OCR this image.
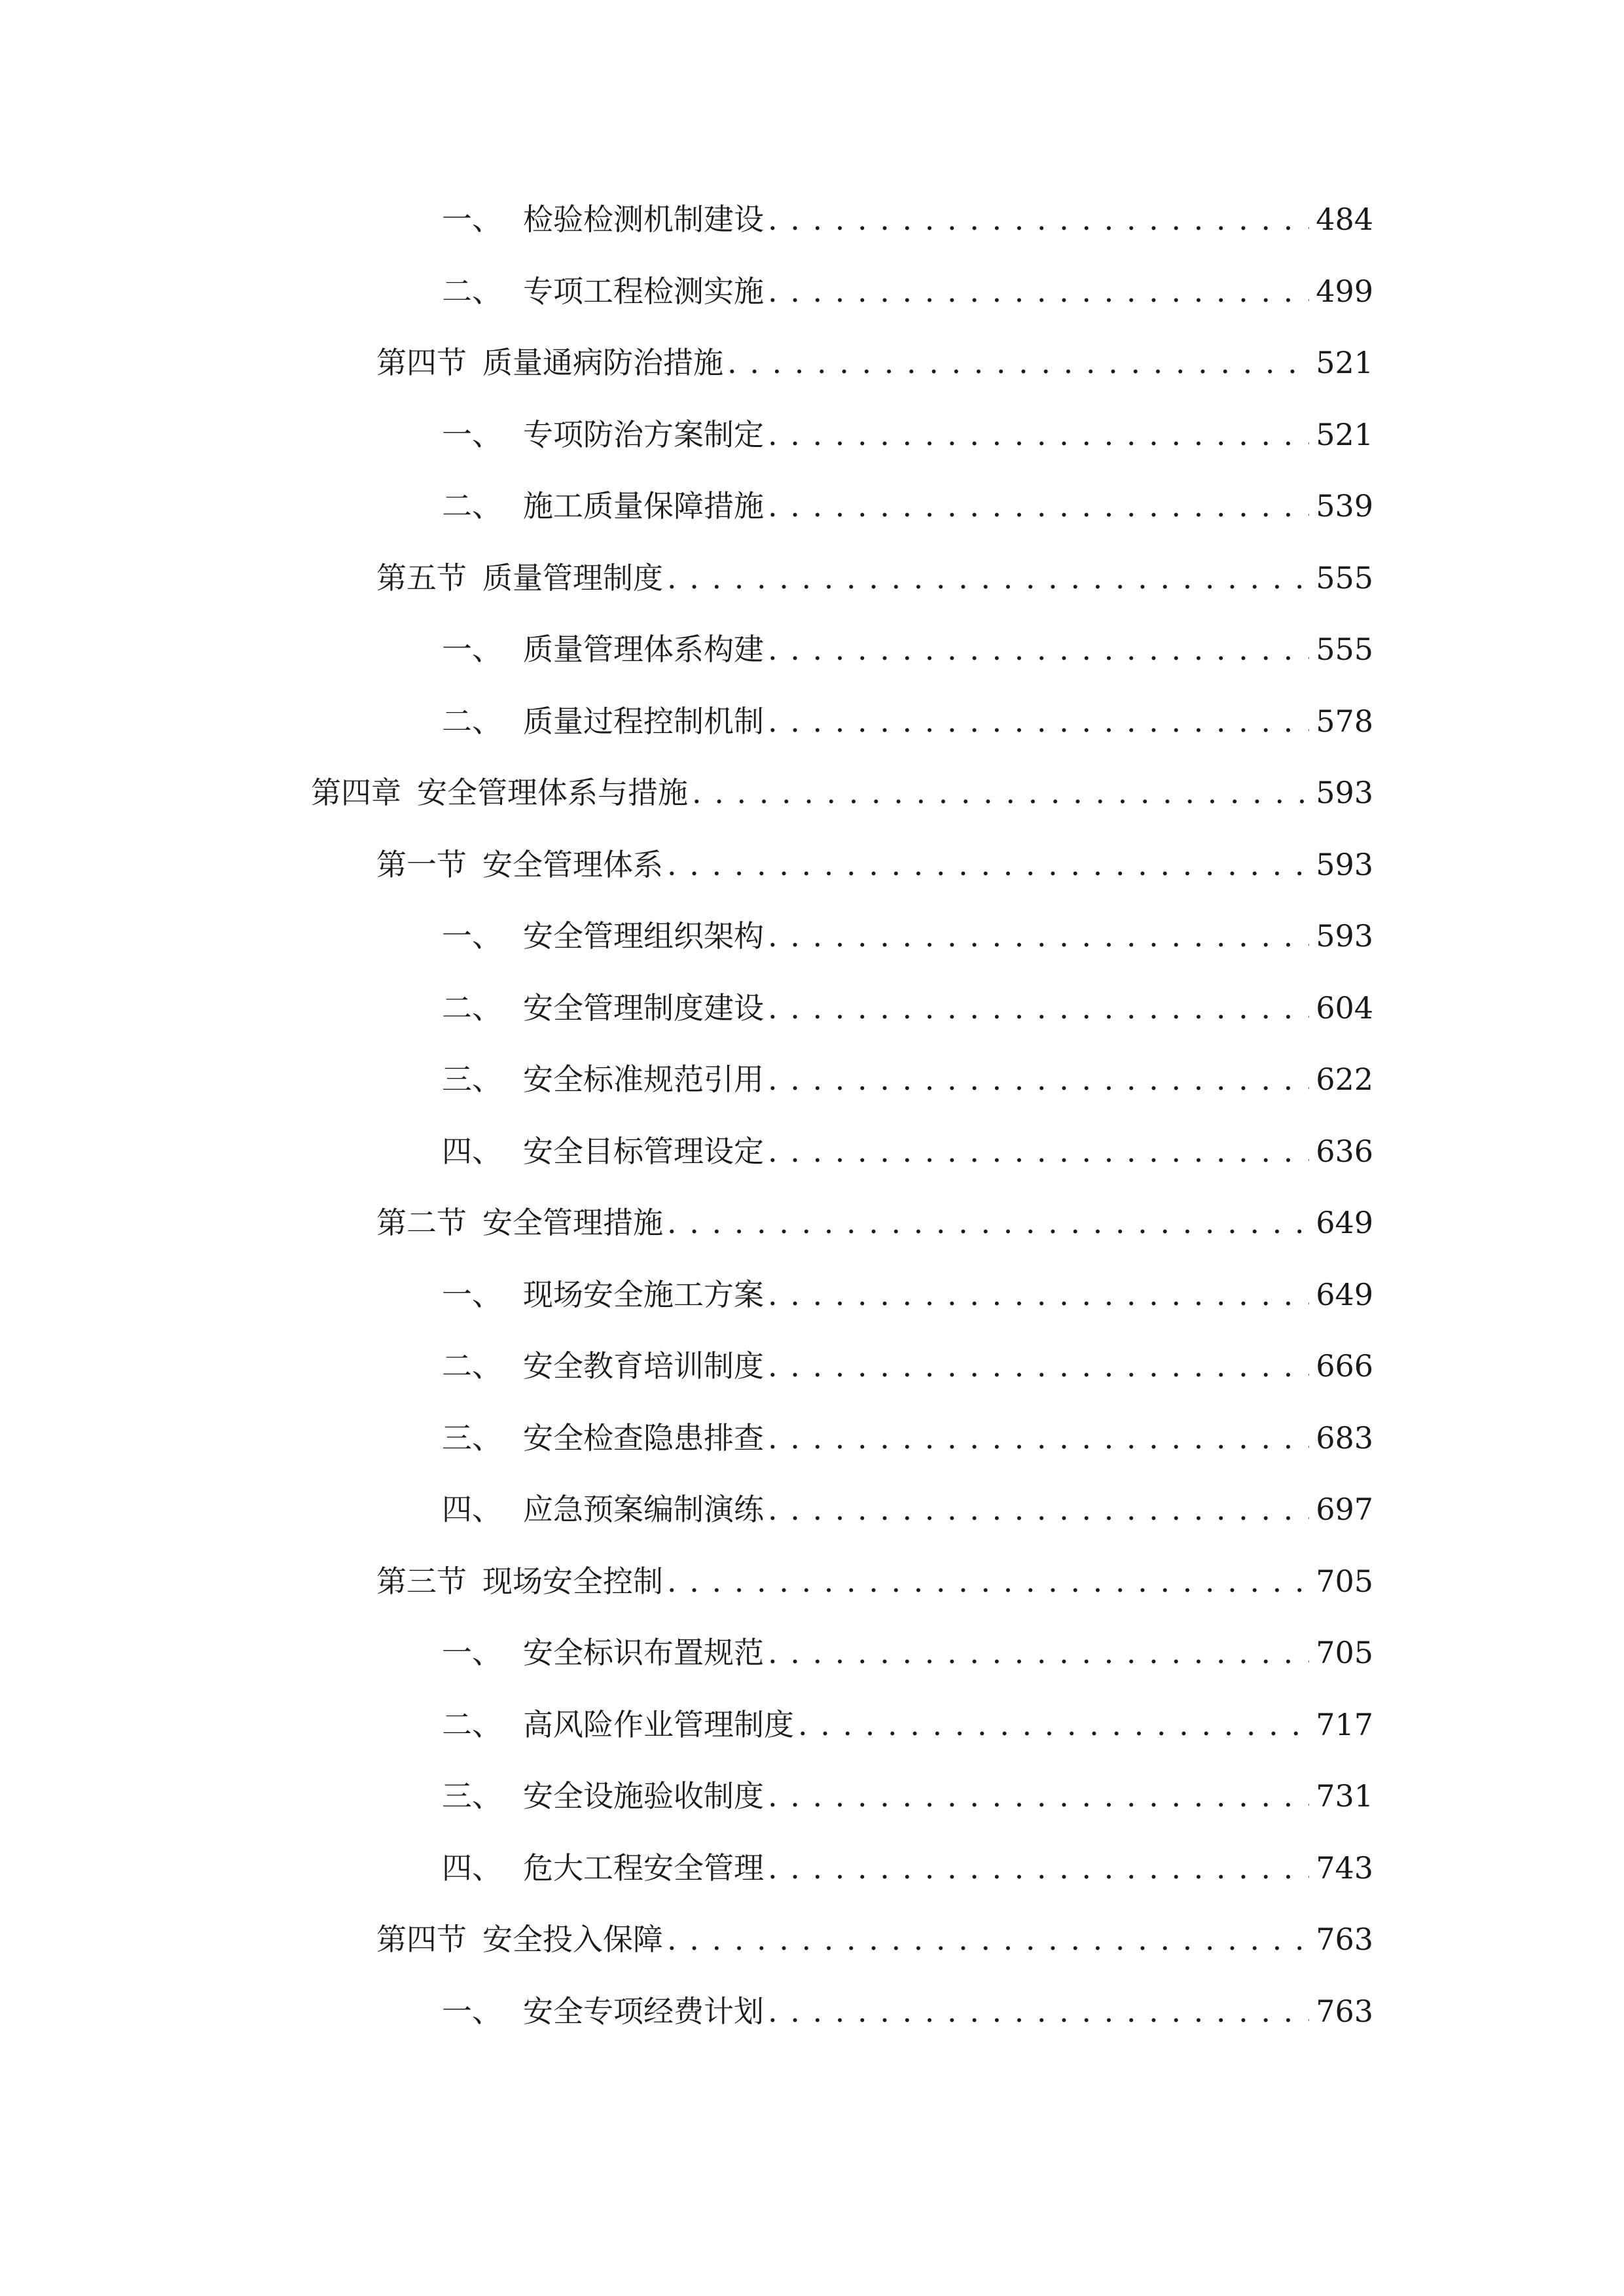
一、 检验检测机制建设 . . .	484
二、 专项工程检测实施 . . .	499
第四节 质量通病防治措施 . . .	521
一、 专项防治方案制定 . . .	521
二、 施工质量保障措施 . . .	539
第五节 质量管理制度 . . .	555
一、 质量管理体系构建 . . .	555
二、 质量过程控制机制 . . .	578
第四章 安全管理体系与措施 . . .	593
第一节 安全管理体系 . . .	593
一、 安全管理组织架构 . . .	593
二、 安全管理制度建设 . . .	604
三、 安全标准规范引用 . . .	622
四、 安全目标管理设定 . . .	636
第二节 安全管理措施 . . .	649
一、 现场安全施工方案 . . .	649
二、 安全教育培训制度 . . .	666
三、 安全检查隐患排查 . . .	683
四、 应急预案编制演练 . . .	697
第三节 现场安全控制 . . .	705
一、 安全标识布置规范 . . .	705
二、 高风险作业管理制度 . . .	717
三、 安全设施验收制度 . . .	731
四、 危大工程安全管理 . . .	743
第四节 安全投入保障 . . .	763
一、 安全专项经费计划 . . .	763
